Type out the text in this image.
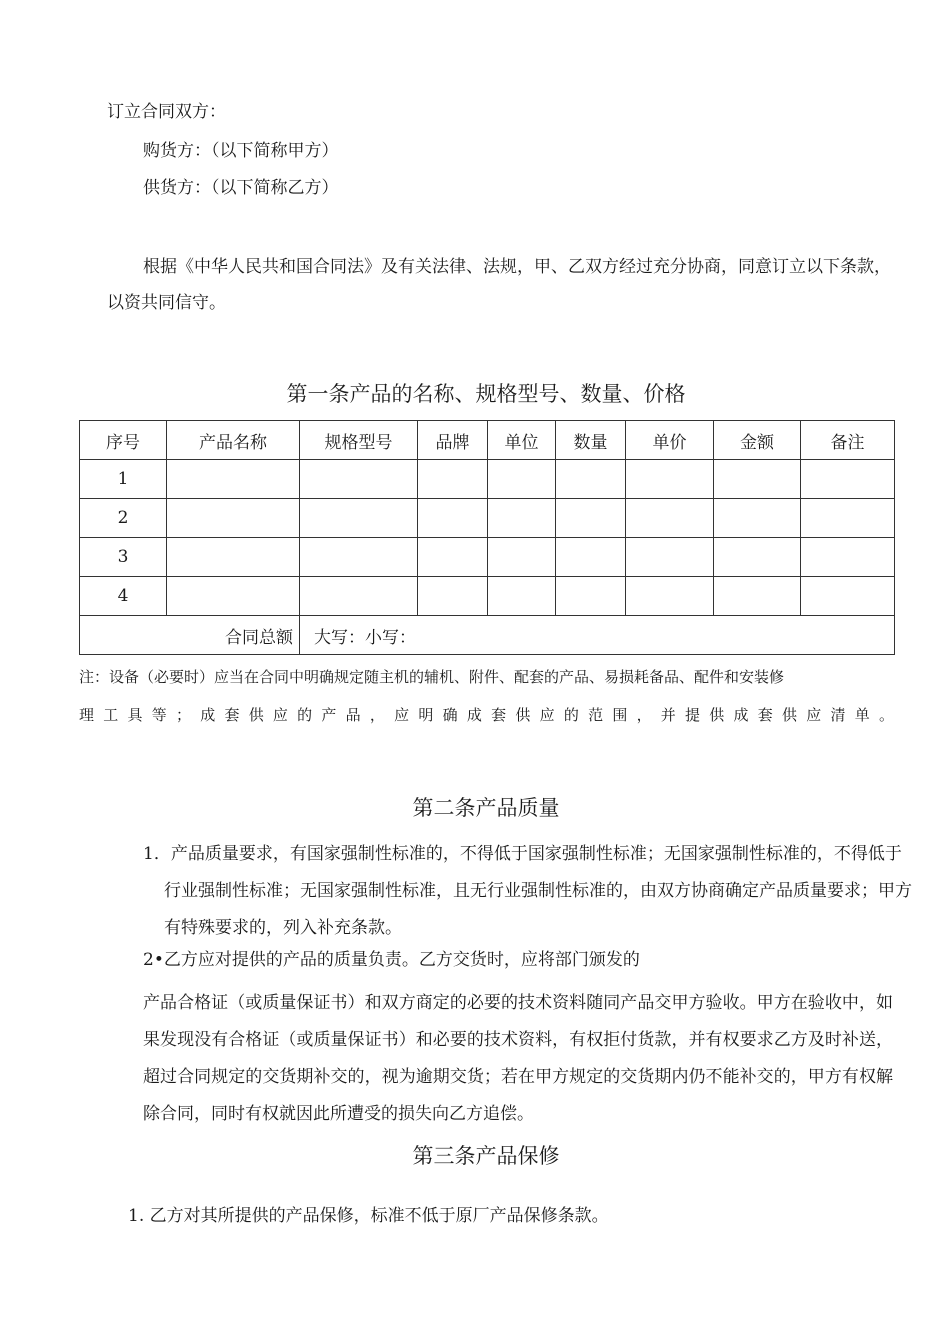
订立合同双方：
购货方：（以下简称甲方）
供货方：（以下简称乙方）
根据《中华人民共和国合同法》及有关法律、法规，甲、乙双方经过充分协商，同意订立以下条款，以资共同信守。
第一条产品的名称、规格型号、数量、价格
序号	产品名称	规格型号	品牌	单位	数量	单价	金额	备注
1								
2								
3								
4								
合同总额		大写：小写：						
注：设备（必要时）应当在合同中明确规定随主机的辅机、附件、配套的产品、易损耗备品、配件和安装修
理工具等；成套供应的产品，应明确成套供应的范围，并提供成套供应清单。
第二条产品质量
1．产品质量要求，有国家强制性标准的，不得低于国家强制性标准；无国家强制性标准的，不得低于行业强制性标准；无国家强制性标准，且无行业强制性标准的，由双方协商确定产品质量要求；甲方有特殊要求的，列入补充条款。
2•乙方应对提供的产品的质量负责。乙方交货时，应将部门颁发的
产品合格证（或质量保证书）和双方商定的必要的技术资料随同产品交甲方验收。甲方在验收中，如果发现没有合格证（或质量保证书）和必要的技术资料，有权拒付货款，并有权要求乙方及时补送，超过合同规定的交货期补交的，视为逾期交货；若在甲方规定的交货期内仍不能补交的，甲方有权解除合同，同时有权就因此所遭受的损失向乙方追偿。
第三条产品保修
1. 乙方对其所提供的产品保修，标准不低于原厂产品保修条款。
